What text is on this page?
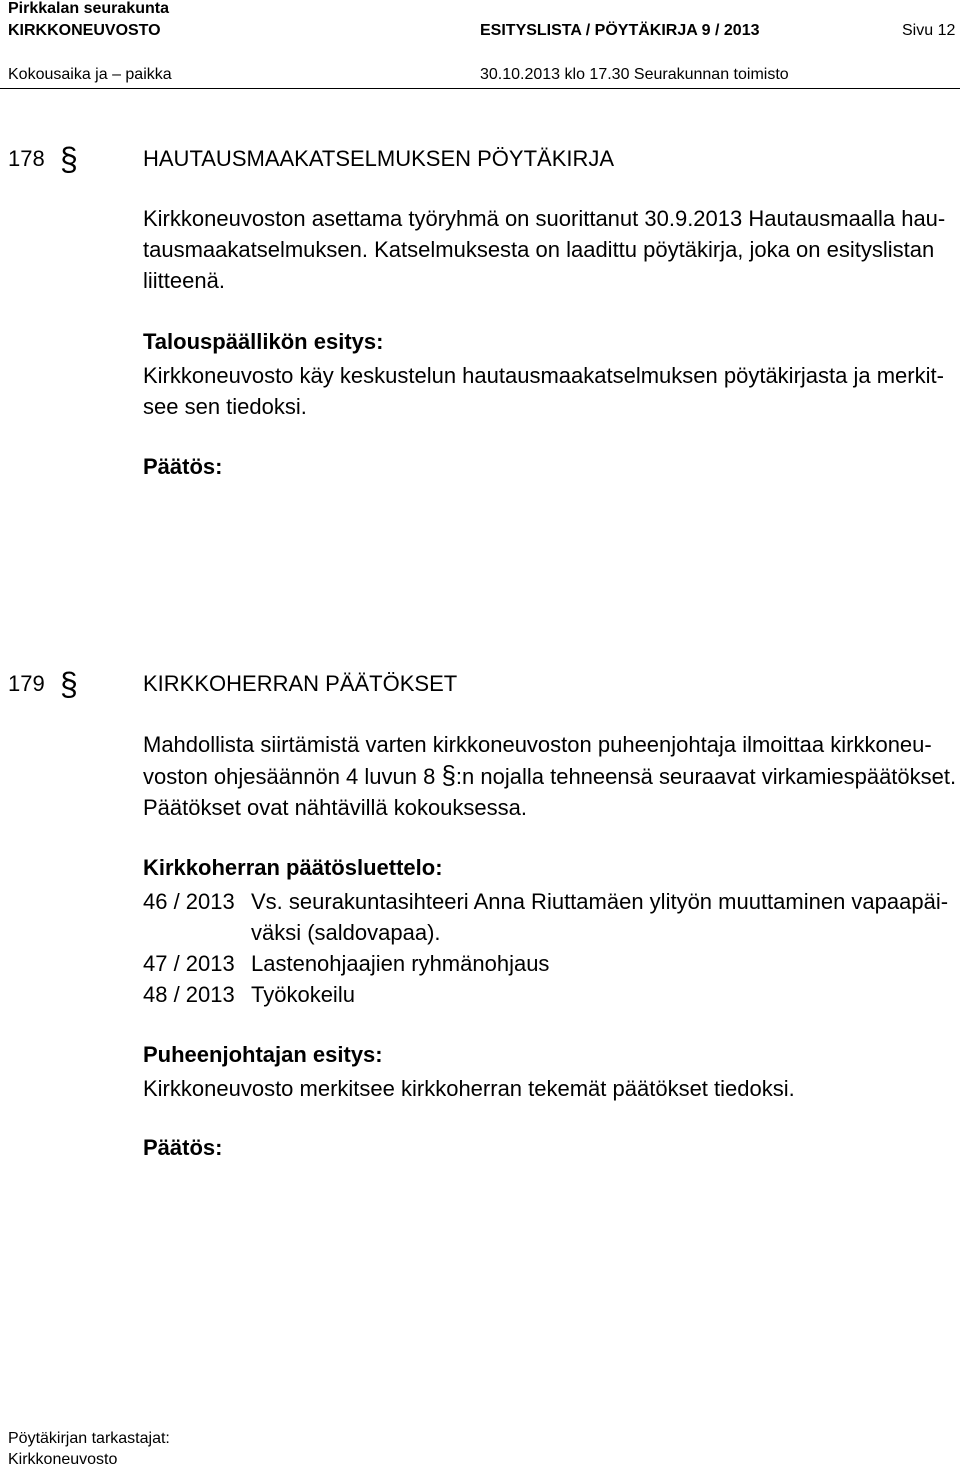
Pirkkalan seurakunta
KIRKKONEUVOSTO	ESITYSLISTA / PÖYTÄKIRJA 9 / 2013	Sivu 12
Kokousaika ja – paikka	30.10.2013 klo 17.30 Seurakunnan toimisto
178 §	HAUTAUSMAAKATSELMUKSEN PÖYTÄKIRJA
Kirkkoneuvoston asettama työryhmä on suorittanut 30.9.2013 Hautausmaalla hau-
tausmaakatselmuksen. Katselmuksesta on laadittu pöytäkirja, joka on esityslistan
liitteenä.
Talouspäällikön esitys:
Kirkkoneuvosto käy keskustelun hautausmaakatselmuksen pöytäkirjasta ja merkit-
see sen tiedoksi.
Päätös:
179 §	KIRKKOHERRAN PÄÄTÖKSET
Mahdollista siirtämistä varten kirkkoneuvoston puheenjohtaja ilmoittaa kirkkoneu-
voston ohjesäännön 4 luvun 8 §:n nojalla tehneensä seuraavat virkamiespäätökset.
Päätökset ovat nähtävillä kokouksessa.
Kirkkoherran päätösluettelo:
46 / 2013 Vs. seurakuntasihteeri Anna Riuttamäen ylityön muuttaminen vapaapäi-
väksi (saldovapaa).
47 / 2013 Lastenohjaajien ryhmänohjaus
48 / 2013 Työkokeilu
Puheenjohtajan esitys:
Kirkkoneuvosto merkitsee kirkkoherran tekemät päätökset tiedoksi.
Päätös:
Pöytäkirjan tarkastajat:
Kirkkoneuvosto
